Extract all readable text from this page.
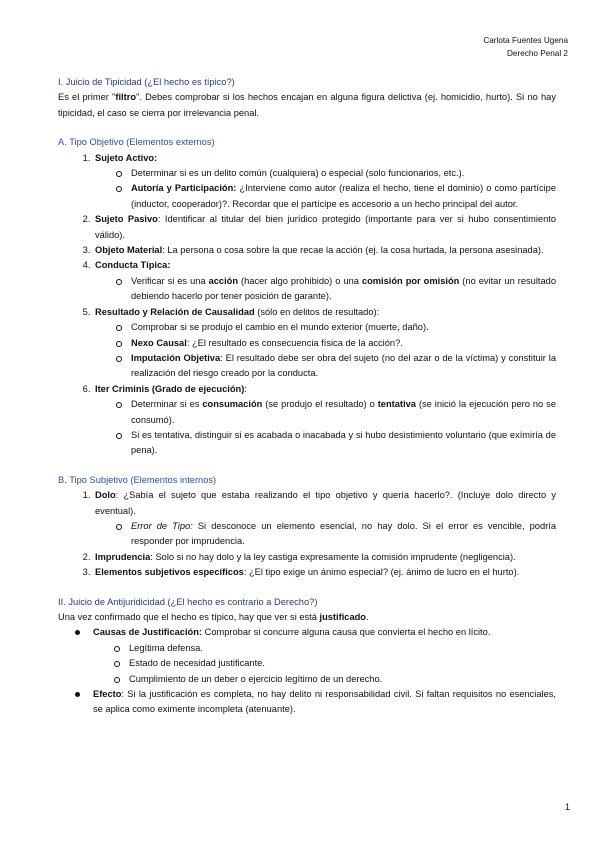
Carlota Fuentes Ugena
Derecho Penal 2
I. Juicio de Tipicidad (¿El hecho es típico?)
Es el primer "filtro". Debes comprobar si los hechos encajan en alguna figura delictiva (ej. homicidio, hurto). Si no hay tipicidad, el caso se cierra por irrelevancia penal.
A. Tipo Objetivo (Elementos externos)
1. Sujeto Activo:
Determinar si es un delito común (cualquiera) o especial (solo funcionarios, etc.).
Autoría y Participación: ¿Interviene como autor (realiza el hecho, tiene el dominio) o como partícipe (inductor, cooperador)?. Recordar que el partícipe es accesorio a un hecho principal del autor.
2. Sujeto Pasivo: Identificar al titular del bien jurídico protegido (importante para ver si hubo consentimiento válido).
3. Objeto Material: La persona o cosa sobre la que recae la acción (ej. la cosa hurtada, la persona asesinada).
4. Conducta Típica:
Verificar si es una acción (hacer algo prohibido) o una comisión por omisión (no evitar un resultado debiendo hacerlo por tener posición de garante).
5. Resultado y Relación de Causalidad (sólo en delitos de resultado):
Comprobar si se produjo el cambio en el mundo exterior (muerte, daño).
Nexo Causal: ¿El resultado es consecuencia física de la acción?.
Imputación Objetiva: El resultado debe ser obra del sujeto (no del azar o de la víctima) y constituir la realización del riesgo creado por la conducta.
6. Iter Criminis (Grado de ejecución):
Determinar si es consumación (se produjo el resultado) o tentativa (se inició la ejecución pero no se consumó).
Si es tentativa, distinguir si es acabada o inacabada y si hubo desistimiento voluntario (que exímiría de pena).
B. Tipo Subjetivo (Elementos internos)
1. Dolo: ¿Sabía el sujeto que estaba realizando el tipo objetivo y quería hacerlo?. (Incluye dolo directo y eventual).
Error de Tipo: Si desconoce un elemento esencial, no hay dolo. Si el error es vencible, podría responder por imprudencia.
2. Imprudencia: Solo si no hay dolo y la ley castiga expresamente la comisión imprudente (negligencia).
3. Elementos subjetivos específicos: ¿El tipo exige un ánimo especial? (ej. ánimo de lucro en el hurto).
II. Juicio de Antijuridicidad (¿El hecho es contrario a Derecho?)
Una vez confirmado que el hecho es típico, hay que ver si está justificado.
Causas de Justificación: Comprobar si concurre alguna causa que convierta el hecho en lícito.
Legítima defensa.
Estado de necesidad justificante.
Cumplimiento de un deber o ejercicio legítimo de un derecho.
Efecto: Si la justificación es completa, no hay delito ni responsabilidad civil. Si faltan requisitos no esenciales, se aplica como eximente incompleta (atenuante).
1
